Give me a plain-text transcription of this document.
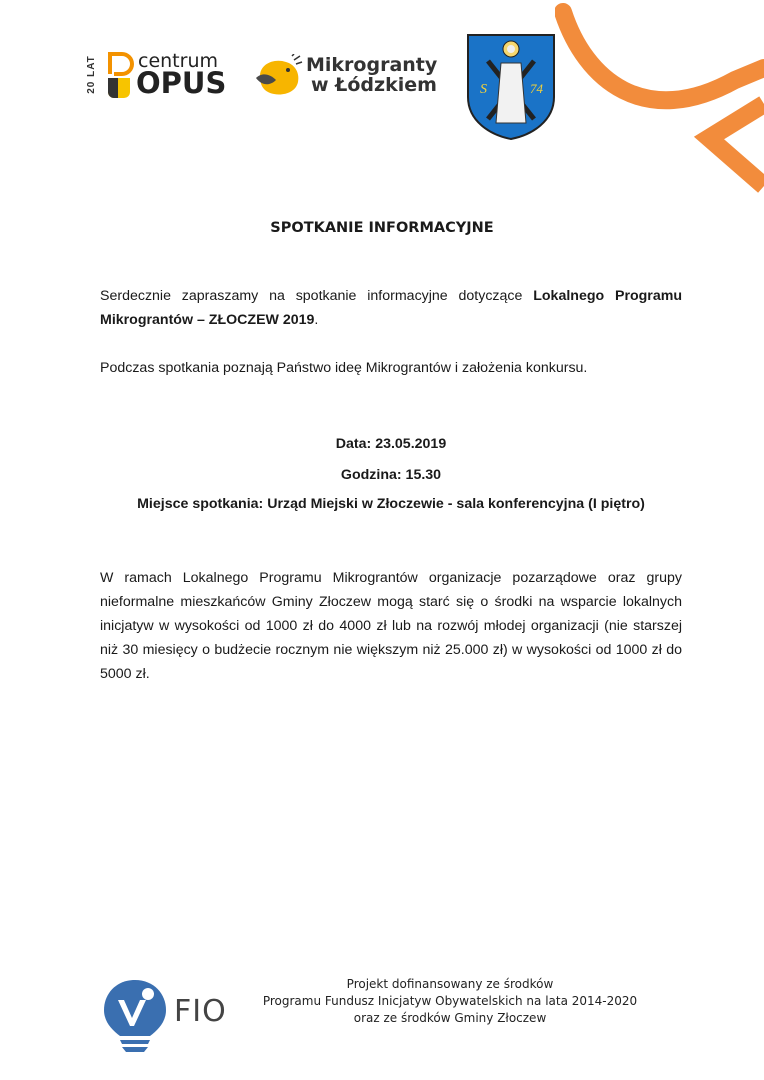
20 LAT centrum
OPUS
Mikrogranty
w Łódzkiem	S	74
SPOTKANIE INFORMACYJNE
Serdecznie zapraszamy na spotkanie informacyjne dotyczące Lokalnego Programu Mikrograntów – ZŁOCZEW 2019.
Podczas spotkania poznają Państwo ideę Mikrograntów i założenia konkursu.
Data: 23.05.2019
Godzina: 15.30
Miejsce spotkania: Urząd Miejski w Złoczewie - sala konferencyjna (I piętro)
W ramach Lokalnego Programu Mikrograntów organizacje pozarządowe oraz grupy nieformalne mieszkańców Gminy Złoczew mogą starć się o środki na wsparcie lokalnych inicjatyw w wysokości od 1000 zł do 4000 zł lub na rozwój młodej organizacji (nie starszej niż 30 miesięcy o budżecie rocznym nie większym niż 25.000 zł) w wysokości od 1000 zł do 5000 zł.
FIO
Projekt dofinansowany ze środków
Programu Fundusz Inicjatyw Obywatelskich na lata 2014-2020
oraz ze środków Gminy Złoczew
